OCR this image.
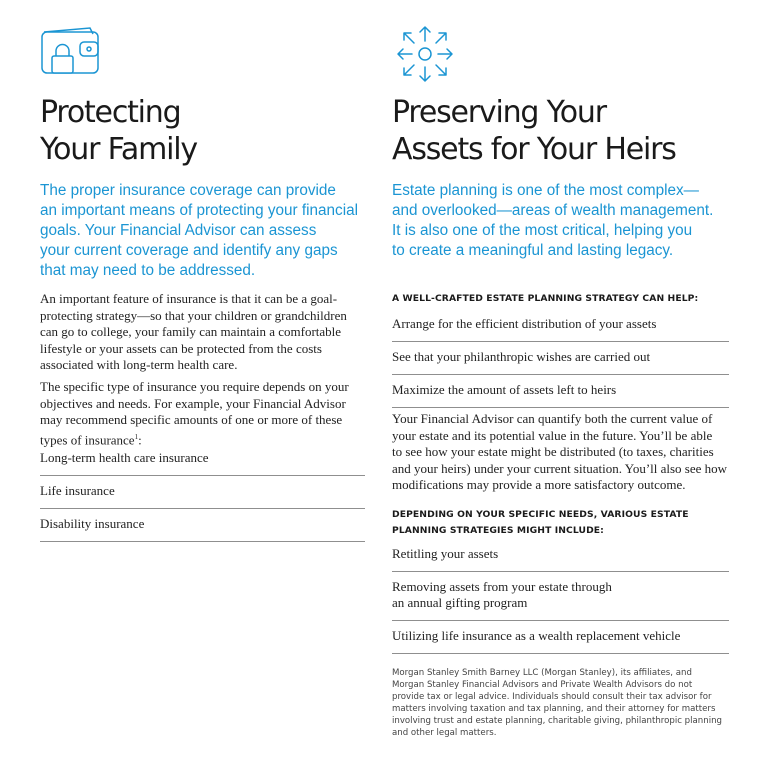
Protecting
Your Family
The proper insurance coverage can provide
an important means of protecting your financial
goals. Your Financial Advisor can assess
your current coverage and identify any gaps
that may need to be addressed.
An important feature of insurance is that it can be a goal-
protecting strategy—so that your children or grandchildren
can go to college, your family can maintain a comfortable
lifestyle or your assets can be protected from the costs
associated with long-term health care.
The specific type of insurance you require depends on your
objectives and needs. For example, your Financial Advisor
may recommend specific amounts of one or more of these
types of insurance$^1$:
Long-term health care insurance
Life insurance
Disability insurance
Preserving Your
Assets for Your Heirs
Estate planning is one of the most complex—
and overlooked—areas of wealth management.
It is also one of the most critical, helping you
to create a meaningful and lasting legacy.
A WELL-CRAFTED ESTATE PLANNING STRATEGY CAN HELP:
Arrange for the efficient distribution of your assets
See that your philanthropic wishes are carried out
Maximize the amount of assets left to heirs
Your Financial Advisor can quantify both the current value of
your estate and its potential value in the future. You’ll be able
to see how your estate might be distributed (to taxes, charities
and your heirs) under your current situation. You’ll also see how
modifications may provide a more satisfactory outcome.
DEPENDING ON YOUR SPECIFIC NEEDS, VARIOUS ESTATE
PLANNING STRATEGIES MIGHT INCLUDE:
Retitling your assets
Removing assets from your estate through
an annual gifting program
Utilizing life insurance as a wealth replacement vehicle
Morgan Stanley Smith Barney LLC (Morgan Stanley), its affiliates, and
Morgan Stanley Financial Advisors and Private Wealth Advisors do not
provide tax or legal advice. Individuals should consult their tax advisor for
matters involving taxation and tax planning, and their attorney for matters
involving trust and estate planning, charitable giving, philanthropic planning
and other legal matters.
